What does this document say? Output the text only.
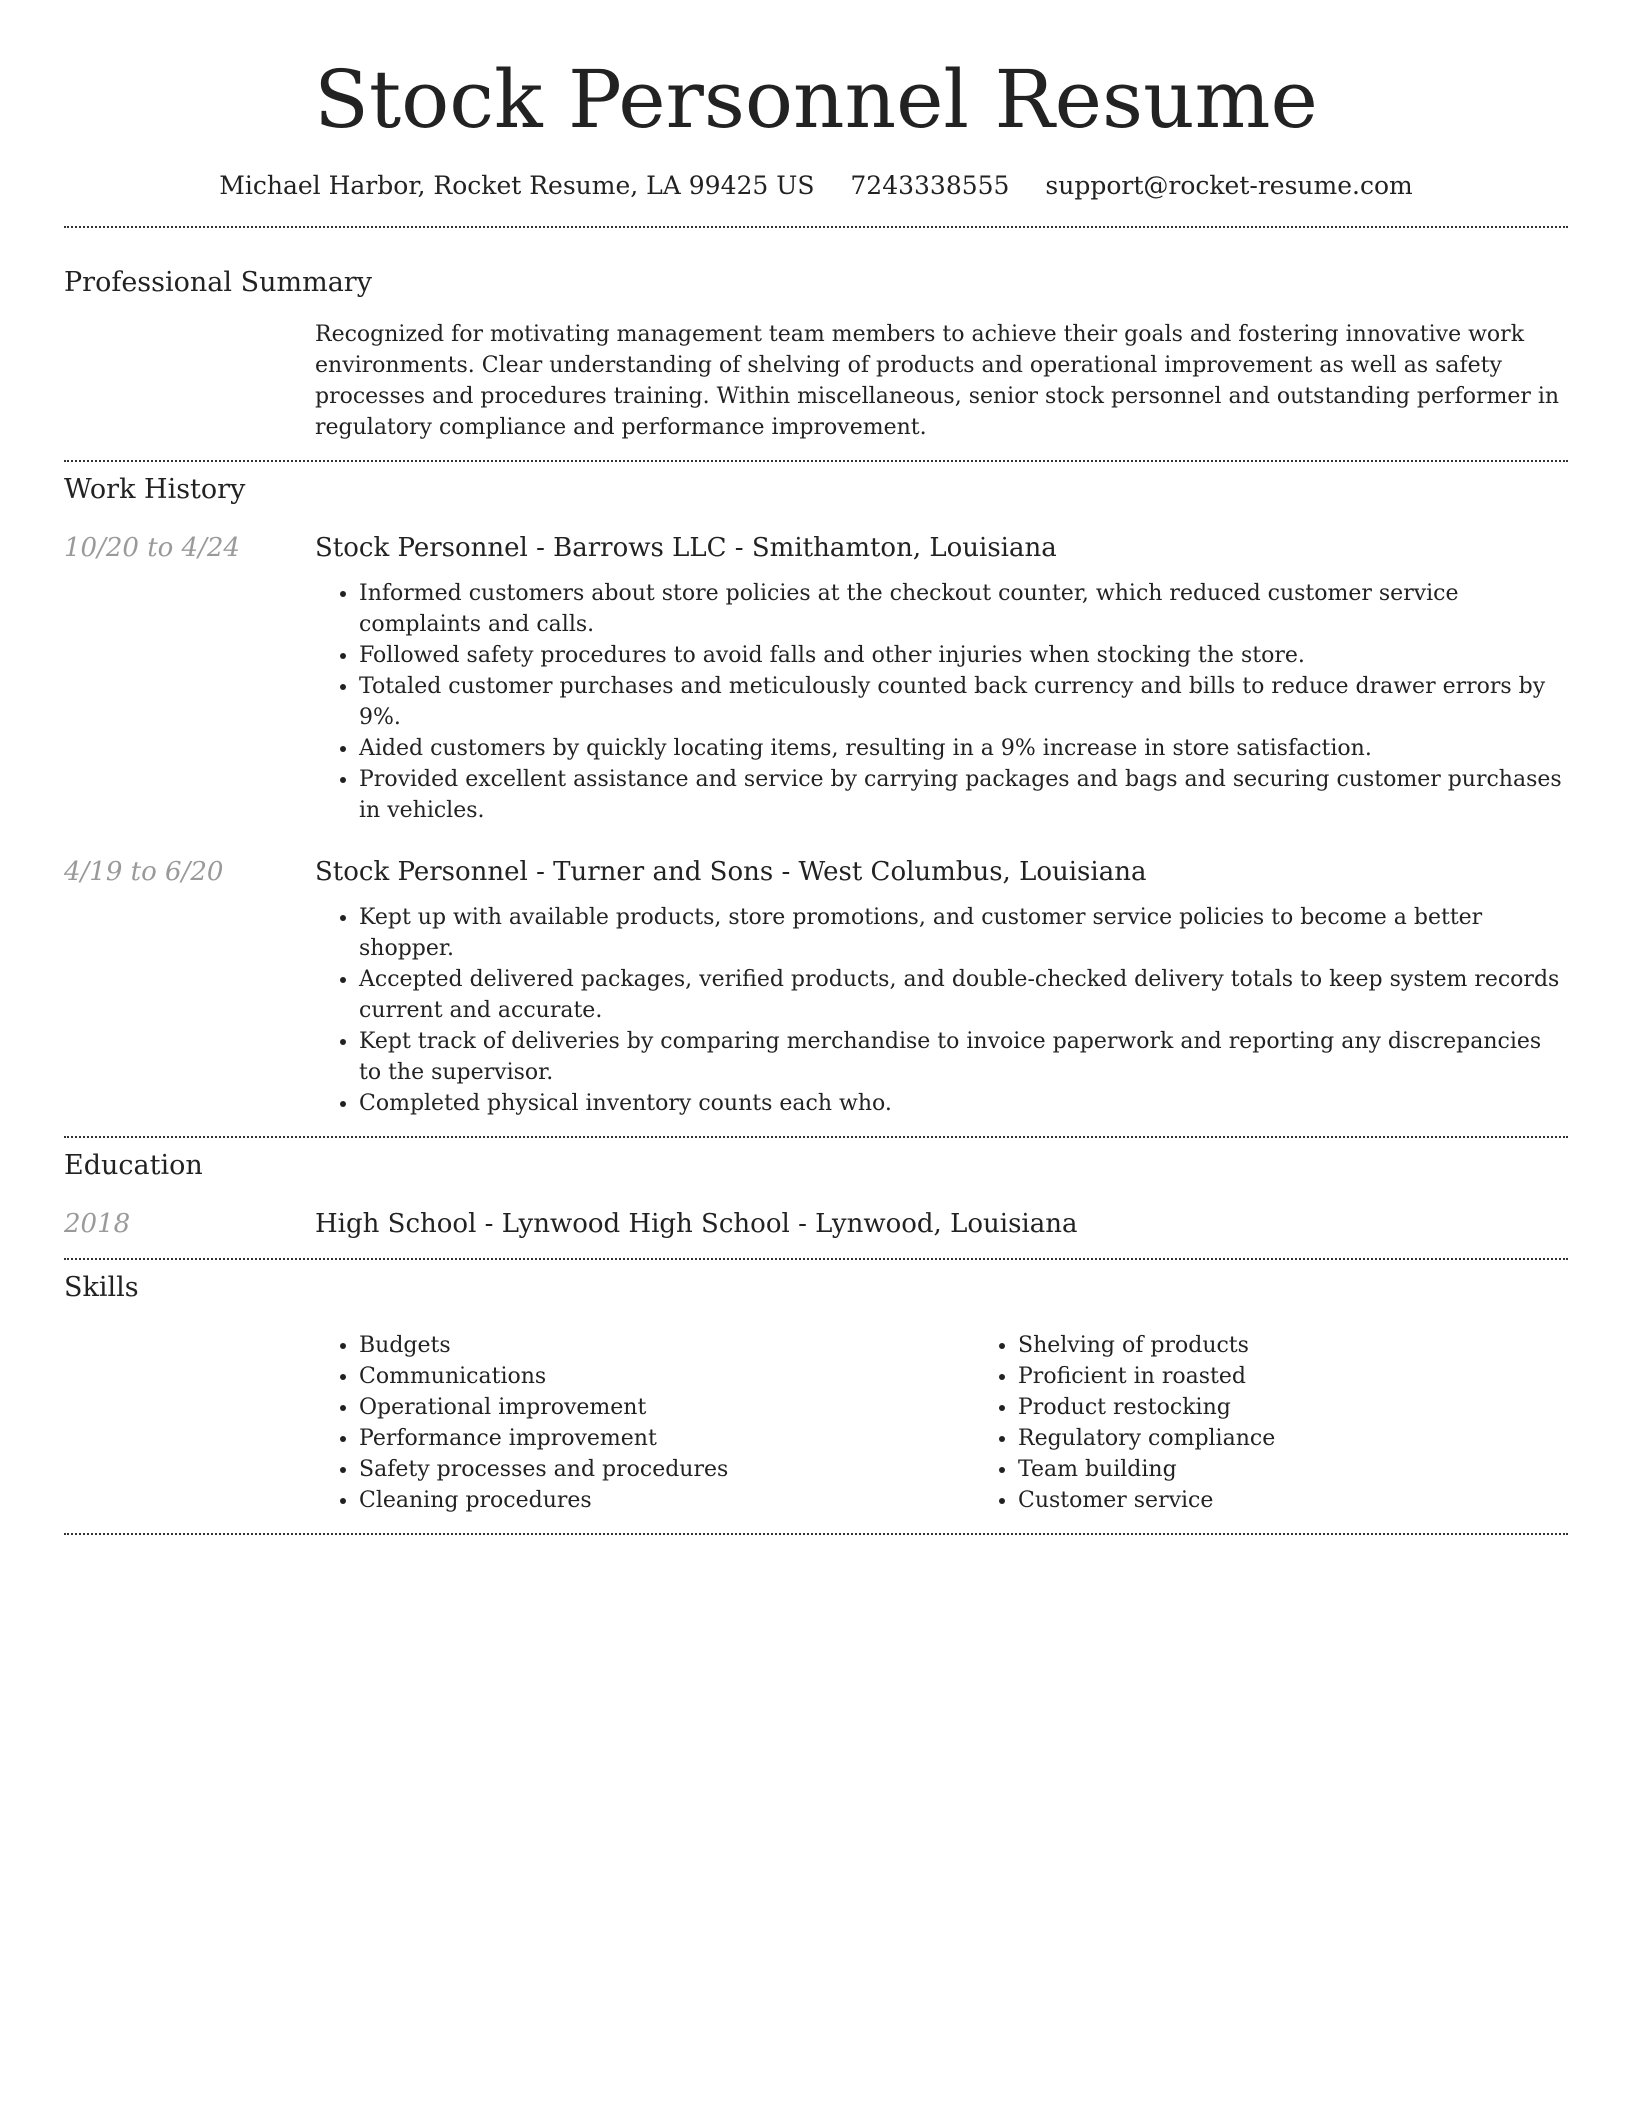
Stock Personnel Resume
Michael Harbor, Rocket Resume, LA 99425 US 7243338555 support@rocket-resume.com
Professional Summary

Recognized for motivating management team members to achieve their goals and fostering innovative work environments. Clear understanding of shelving of products and operational improvement as well as safety processes and procedures training. Within miscellaneous, senior stock personnel and outstanding performer in regulatory compliance and performance improvement.

Work History
10/20 to 4/24	Stock Personnel - Barrows LLC - Smithamton, Louisiana
• Informed customers about store policies at the checkout counter, which reduced customer service complaints and calls.
• Followed safety procedures to avoid falls and other injuries when stocking the store.
• Totaled customer purchases and meticulously counted back currency and bills to reduce drawer errors by 9%.
• Aided customers by quickly locating items, resulting in a 9% increase in store satisfaction.
• Provided excellent assistance and service by carrying packages and bags and securing customer purchases in vehicles.
4/19 to 6/20	Stock Personnel - Turner and Sons - West Columbus, Louisiana
• Kept up with available products, store promotions, and customer service policies to become a better shopper.
• Accepted delivered packages, verified products, and double-checked delivery totals to keep system records current and accurate.
• Kept track of deliveries by comparing merchandise to invoice paperwork and reporting any discrepancies to the supervisor.
• Completed physical inventory counts each who.
Education
2018	High School - Lynwood High School - Lynwood, Louisiana
Skills
• Budgets
• Communications
• Operational improvement
• Performance improvement
• Safety processes and procedures
• Cleaning procedures
• Shelving of products
• Proficient in roasted
• Product restocking
• Regulatory compliance
• Team building
• Customer service
